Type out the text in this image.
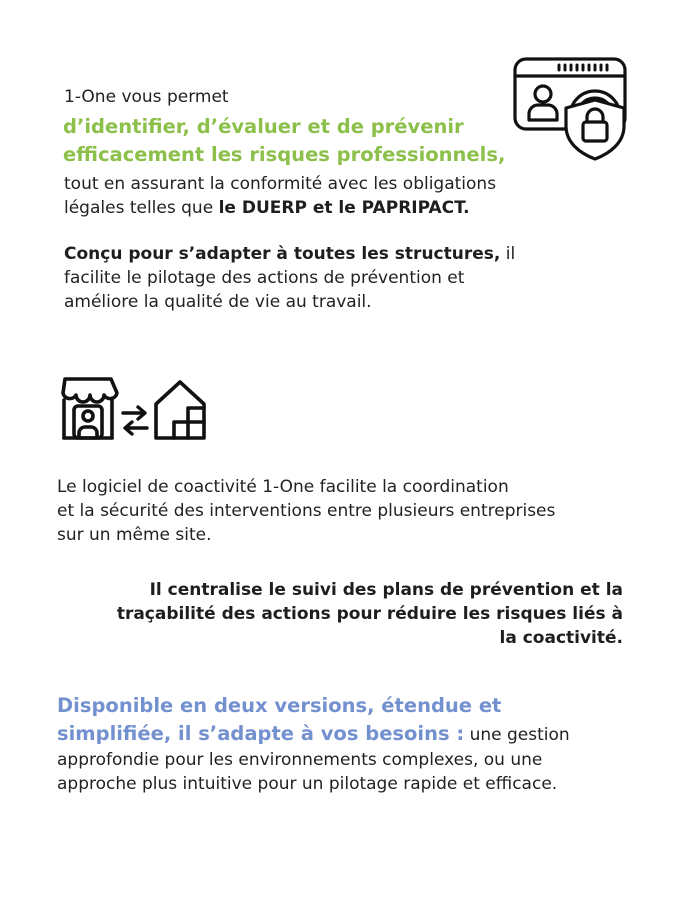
1-One vous permet

d’identifier, d’évaluer et de prévenir
efficacement les risques professionnels,

tout en assurant la conformité avec les obligations
légales telles que le DUERP et le PAPRIPACT.

Conçu pour s’adapter à toutes les structures, il
facilite le pilotage des actions de prévention et
améliore la qualité de vie au travail.

Le logiciel de coactivité 1-One facilite la coordination
et la sécurité des interventions entre plusieurs entreprises
sur un même site.

Il centralise le suivi des plans de prévention et la
traçabilité des actions pour réduire les risques liés à
la coactivité.

Disponible en deux versions, étendue et
simplifiée, il s’adapte à vos besoins : une gestion
approfondie pour les environnements complexes, ou une
approche plus intuitive pour un pilotage rapide et efficace.
